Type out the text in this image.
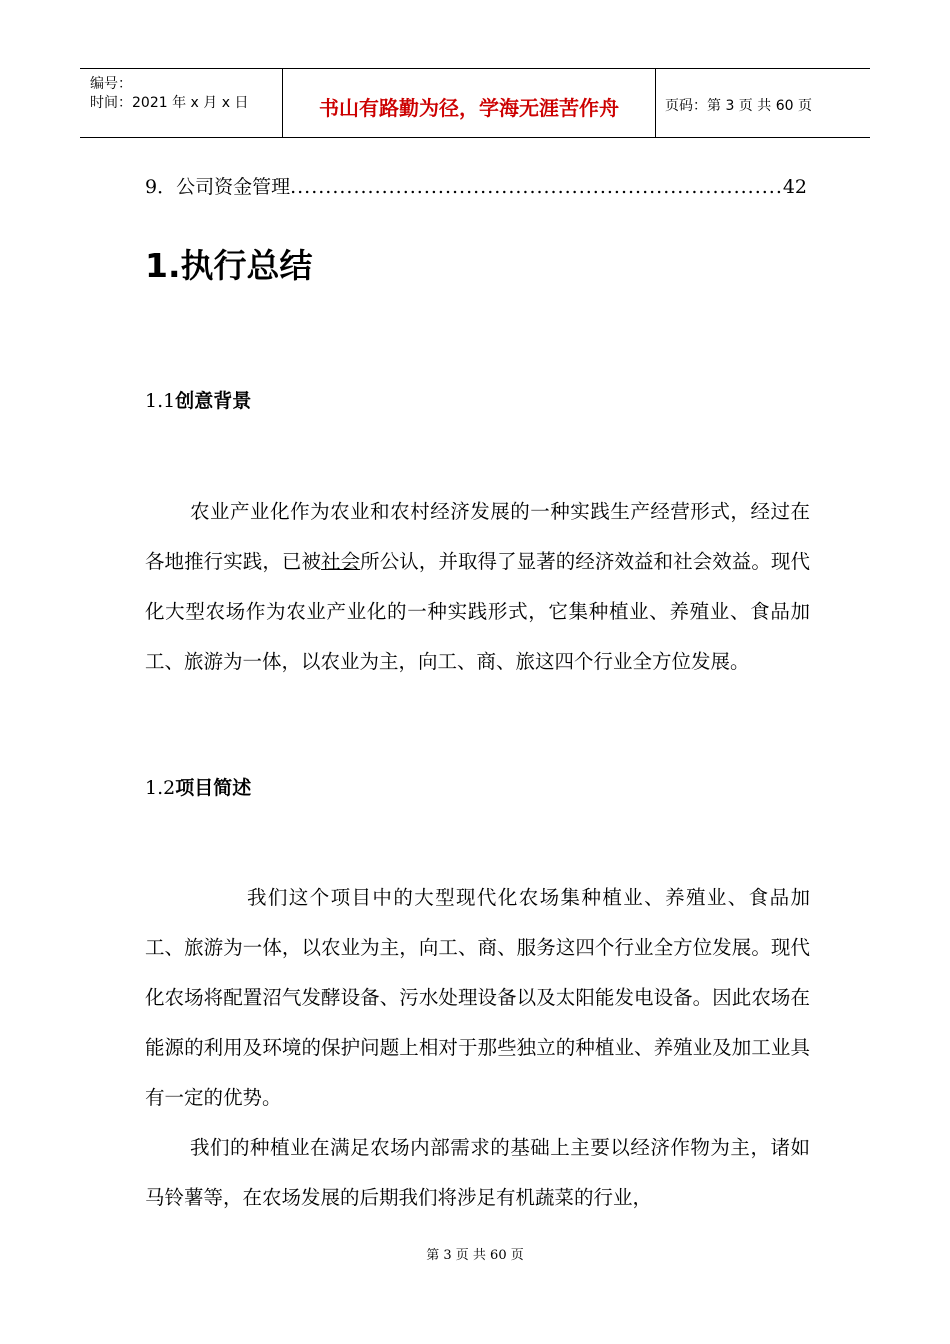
编号：
时间：2021 年 x 月 x 日	书山有路勤为径，学海无涯苦作舟	页码：第 3 页 共 60 页
9．公司资金管理
.....	42
1.执行总结
1.1创意背景

农业产业化作为农业和农村经济发展的一种实践生产经营形式，经过在各地推行实践，已被社会所公认，并取得了显著的经济效益和社会效益。现代化大型农场作为农业产业化的一种实践形式，它集种植业、养殖业、食品加工、旅游为一体，以农业为主，向工、商、旅这四个行业全方位发展。

1.2项目简述

我们这个项目中的大型现代化农场集种植业、养殖业、食品加工、旅游为一体，以农业为主，向工、商、服务这四个行业全方位发展。现代化农场将配置沼气发酵设备、污水处理设备以及太阳能发电设备。因此农场在能源的利用及环境的保护问题上相对于那些独立的种植业、养殖业及加工业具有一定的优势。

我们的种植业在满足农场内部需求的基础上主要以经济作物为主，诸如马铃薯等，在农场发展的后期我们将涉足有机蔬菜的行业，

第 3 页 共 60 页
